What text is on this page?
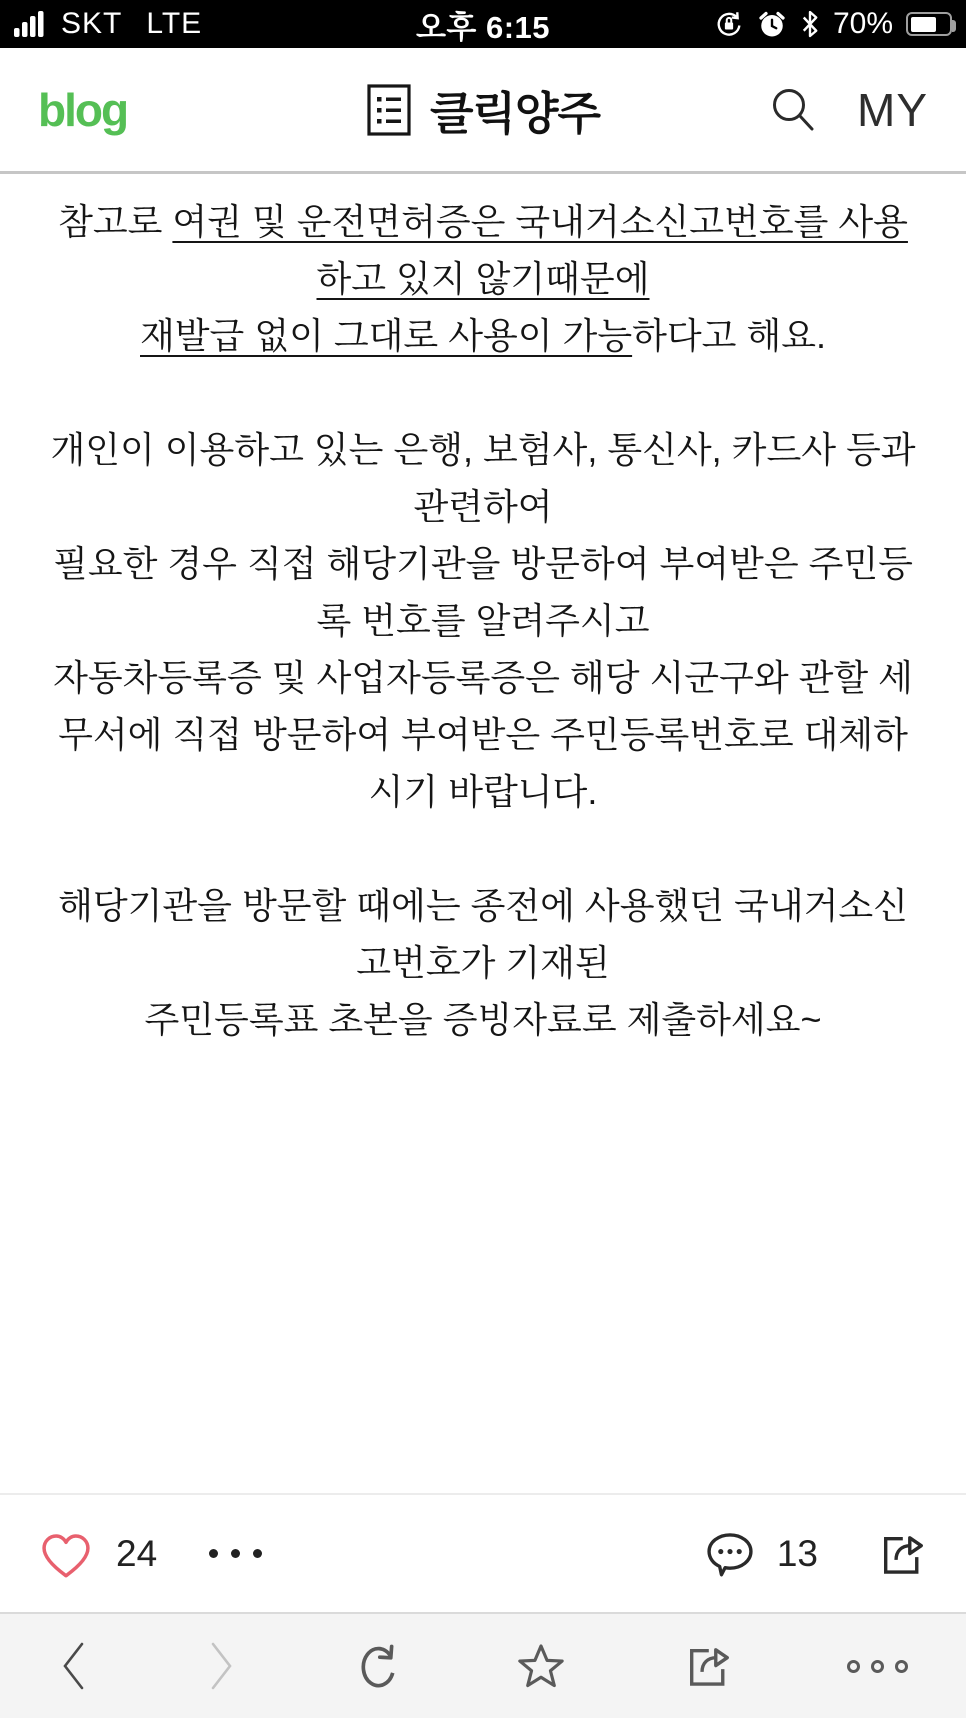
SKT LTE	오후 6:15	70%
blog	클릭양주	MY
참고로 여권 및 운전면허증은 국내거소신고번호를 사용하고 있지 않기때문에
재발급 없이 그대로 사용이 가능하다고 해요.
개인이 이용하고 있는 은행, 보험사, 통신사, 카드사 등과 관련하여
필요한 경우 직접 해당기관을 방문하여 부여받은 주민등록 번호를 알려주시고
자동차등록증 및 사업자등록증은 해당 시군구와 관할 세무서에 직접 방문하여 부여받은 주민등록번호로 대체하시기 바랍니다.
해당기관을 방문할 때에는 종전에 사용했던 국내거소신고번호가 기재된
주민등록표 초본을 증빙자료로 제출하세요~
24	13
